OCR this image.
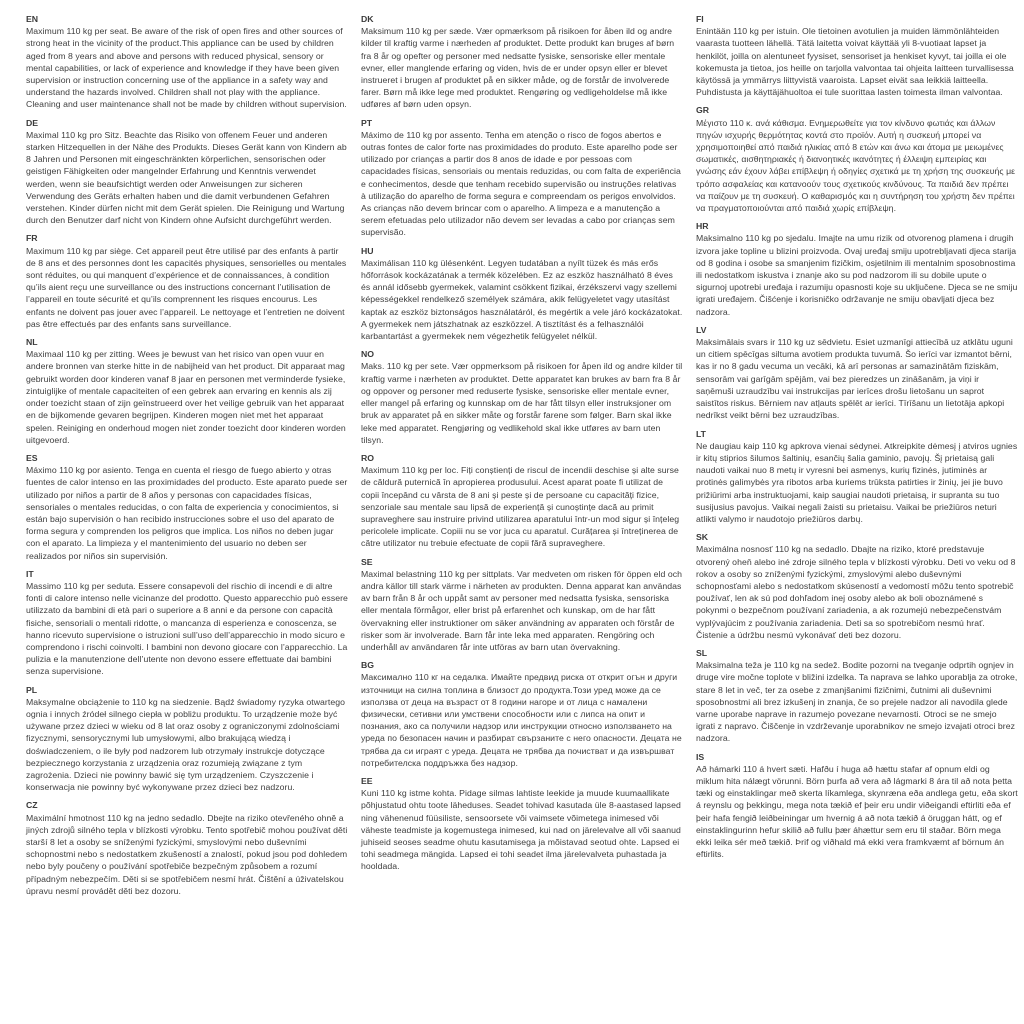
EN

Maximum 110 kg per seat. Be aware of the risk of open fires and other sources of strong heat in the vicinity of the product.This appliance can be used by children aged from 8 years and above and persons with reduced physical, sensory or mental capabilities, or lack of experience and knowledge if they have been given supervision or instruction concerning use of the appliance in a safety way and understand the hazards involved. Children shall not play with the appliance. Cleaning and user maintenance shall not be made by children without supervision.

DE

Maximal 110 kg pro Sitz. Beachte das Risiko von offenem Feuer und anderen starken Hitzequellen in der Nähe des Produkts. Dieses Gerät kann von Kindern ab 8 Jahren und Personen mit eingeschränkten körperlichen, sensorischen oder geistigen Fähigkeiten oder mangelnder Erfahrung und Kenntnis verwendet werden, wenn sie beaufsichtigt werden oder Anweisungen zur sicheren Verwendung des Geräts erhalten haben und die damit verbundenen Gefahren verstehen. Kinder dürfen nicht mit dem Gerät spielen. Die Reinigung und Wartung durch den Benutzer darf nicht von Kindern ohne Aufsicht durchgeführt werden.

FR

Maximum 110 kg par siège. Cet appareil peut être utilisé par des enfants à partir de 8 ans et des personnes dont les capacités physiques, sensorielles ou mentales sont réduites, ou qui manquent d’expérience et de connaissances, à condition qu’ils aient reçu une surveillance ou des instructions concernant l’utilisation de l’appareil en toute sécurité et qu’ils comprennent les risques encourus. Les enfants ne doivent pas jouer avec l’appareil. Le nettoyage et l’entretien ne doivent pas être effectués par des enfants sans surveillance.

NL

Maximaal 110 kg per zitting. Wees je bewust van het risico van open vuur en andere bronnen van sterke hitte in de nabijheid van het product. Dit apparaat mag gebruikt worden door kinderen vanaf 8 jaar en personen met verminderde fysieke, zintuiglijke of mentale capaciteiten of een gebrek aan ervaring en kennis als zij onder toezicht staan of zijn geïnstrueerd over het veilige gebruik van het apparaat en de bijkomende gevaren begrijpen. Kinderen mogen niet met het apparaat spelen. Reiniging en onderhoud mogen niet zonder toezicht door kinderen worden uitgevoerd.

ES

Máximo 110 kg por asiento. Tenga en cuenta el riesgo de fuego abierto y otras fuentes de calor intenso en las proximidades del producto. Este aparato puede ser utilizado por niños a partir de 8 años y personas con capacidades físicas, sensoriales o mentales reducidas, o con falta de experiencia y conocimientos, si están bajo supervisión o han recibido instrucciones sobre el uso del aparato de forma segura y comprenden los peligros que implica. Los niños no deben jugar con el aparato. La limpieza y el mantenimiento del usuario no deben ser realizados por niños sin supervisión.

IT

Massimo 110 kg per seduta. Essere consapevoli del rischio di incendi e di altre fonti di calore intenso nelle vicinanze del prodotto. Questo apparecchio può essere utilizzato da bambini di età pari o superiore a 8 anni e da persone con capacità fisiche, sensoriali o mentali ridotte, o mancanza di esperienza e conoscenza, se hanno ricevuto supervisione o istruzioni sull’uso dell’apparecchio in modo sicuro e comprendono i rischi coinvolti. I bambini non devono giocare con l’apparecchio. La pulizia e la manutenzione dell’utente non devono essere effettuate dai bambini senza supervisione.

PL

Maksymalne obciążenie to 110 kg na siedzenie. Bądź świadomy ryzyka otwartego ognia i innych źródeł silnego ciepła w pobliżu produktu. To urządzenie może być używane przez dzieci w wieku od 8 lat oraz osoby z ograniczonymi zdolnościami fizycznymi, sensorycznymi lub umysłowymi, albo brakującą wiedzą i doświadczeniem, o ile były pod nadzorem lub otrzymały instrukcje dotyczące bezpiecznego korzystania z urządzenia oraz rozumieją związane z tym zagrożenia. Dzieci nie powinny bawić się tym urządzeniem. Czyszczenie i konserwacja nie powinny być wykonywane przez dzieci bez nadzoru.

CZ

Maximální hmotnost 110 kg na jedno sedadlo. Dbejte na riziko otevřeného ohně a jiných zdrojů silného tepla v blízkosti výrobku. Tento spotřebič mohou používat děti starší 8 let a osoby se sníženými fyzickými, smyslovými nebo duševními schopnostmi nebo s nedostatkem zkušeností a znalostí, pokud jsou pod dohledem nebo byly poučeny o používání spotřebiče bezpečným způsobem a rozumí případným nebezpečím. Děti si se spotřebičem nesmí hrát. Čištění a úživatelskou úpravu nesmí provádět děti bez dozoru.

DK

Maksimum 110 kg per sæde. Vær opmærksom på risikoen for åben ild og andre kilder til kraftig varme i nærheden af produktet. Dette produkt kan bruges af børn fra 8 år og opefter og personer med nedsatte fysiske, sensoriske eller mentale evner, eller manglende erfaring og viden, hvis de er under opsyn eller er blevet instrueret i brugen af produktet på en sikker måde, og de forstår de involverede farer. Børn må ikke lege med produktet. Rengøring og vedligeholdelse må ikke udføres af børn uden opsyn.

PT

Máximo de 110 kg por assento. Tenha em atenção o risco de fogos abertos e outras fontes de calor forte nas proximidades do produto. Este aparelho pode ser utilizado por crianças a partir dos 8 anos de idade e por pessoas com capacidades físicas, sensoriais ou mentais reduzidas, ou com falta de experiência e conhecimentos, desde que tenham recebido supervisão ou instruções relativas à utilização do aparelho de forma segura e compreendam os perigos envolvidos. As crianças não devem brincar com o aparelho. A limpeza e a manutenção a serem efetuadas pelo utilizador não devem ser levadas a cabo por crianças sem supervisão.

HU

Maximálisan 110 kg ülésenként. Legyen tudatában a nyílt tüzek és más erős hőforrások kockázatának a termék közelében. Ez az eszköz használható 8 éves és annál idősebb gyermekek, valamint csökkent fizikai, érzékszervi vagy szellemi képességekkel rendelkező személyek számára, akik felügyeletet vagy utasítást kaptak az eszköz biztonságos használatáról, és megértik a vele járó kockázatokat. A gyermekek nem játszhatnak az eszközzel. A tisztítást és a felhasználói karbantartást a gyermekek nem végezhetik felügyelet nélkül.

NO

Maks. 110 kg per sete. Vær oppmerksom på risikoen for åpen ild og andre kilder til kraftig varme i nærheten av produktet. Dette apparatet kan brukes av barn fra 8 år og oppover og personer med reduserte fysiske, sensoriske eller mentale evner, eller mangel på erfaring og kunnskap om de har fått tilsyn eller instruksjoner om bruk av apparatet på en sikker måte og forstår farene som følger. Barn skal ikke leke med apparatet. Rengjøring og vedlikehold skal ikke utføres av barn uten tilsyn.

RO

Maximum 110 kg per loc. Fiți conștienți de riscul de incendii deschise și alte surse de căldură puternică în apropierea produsului. Acest aparat poate fi utilizat de copii începând cu vârsta de 8 ani și peste și de persoane cu capacități fizice, senzoriale sau mentale sau lipsă de experiență și cunoștințe dacă au primit supraveghere sau instruire privind utilizarea aparatului într-un mod sigur și înțeleg pericolele implicate. Copiii nu se vor juca cu aparatul. Curățarea și întreținerea de către utilizator nu trebuie efectuate de copii fără supraveghere.

SE

Maximal belastning 110 kg per sittplats. Var medveten om risken för öppen eld och andra källor till stark värme i närheten av produkten. Denna apparat kan användas av barn från 8 år och uppåt samt av personer med nedsatta fysiska, sensoriska eller mentala förmågor, eller brist på erfarenhet och kunskap, om de har fått övervakning eller instruktioner om säker användning av apparaten och förstår de risker som är involverade. Barn får inte leka med apparaten. Rengöring och underhåll av användaren får inte utföras av barn utan övervakning.

BG

Максимално 110 кг на седалка. Имайте предвид риска от открит огън и други източници на силна топлина в близост до продукта.Този уред може да се използва от деца на възраст от 8 години нагоре и от лица с намалени физически, сетивни или умствени способности или с липса на опит и познания, ако са получили надзор или инструкции относно използването на уреда по безопасен начин и разбират свързаните с него опасности. Децата не трябва да си играят с уреда. Децата не трябва да почистват и да извършват потребителска поддръжка без надзор.

EE

Kuni 110 kg istme kohta. Pidage silmas lahtiste leekide ja muude kuumaallikate põhjustatud ohtu toote läheduses. Seadet tohivad kasutada üle 8-aastased lapsed ning vähenenud füüsiliste, sensoorsete või vaimsete võimetega inimesed või väheste teadmiste ja kogemustega inimesed, kui nad on järelevalve all või saanud juhiseid seoses seadme ohutu kasutamisega ja mõistavad seotud ohte. Lapsed ei tohi seadmega mängida. Lapsed ei tohi seadet ilma järelevalveta puhastada ja hooldada.

FI

Enintään 110 kg per istuin. Ole tietoinen avotulien ja muiden lämmönlähteiden vaarasta tuotteen lähellä. Tätä laitetta voivat käyttää yli 8-vuotiaat lapset ja henkilöt, joilla on alentuneet fyysiset, sensoriset ja henkiset kyvyt, tai joilla ei ole kokemusta ja tietoa, jos heille on tarjolla valvontaa tai ohjeita laitteen turvallisessa käytössä ja ymmärrys liittyvistä vaaroista. Lapset eivät saa leikkiä laitteella. Puhdistusta ja käyttäjähuoltoa ei tule suorittaa lasten toimesta ilman valvontaa.

GR

Μέγιστο 110 κ. ανά κάθισμα. Ενημερωθείτε για τον κίνδυνο φωτιάς και άλλων πηγών ισχυρής θερμότητας κοντά στο προϊόν. Αυτή η συσκευή μπορεί να χρησιμοποιηθεί από παιδιά ηλικίας από 8 ετών και άνω και άτομα με μειωμένες σωματικές, αισθητηριακές ή διανοητικές ικανότητες ή έλλειψη εμπειρίας και γνώσης εάν έχουν λάβει επίβλεψη ή οδηγίες σχετικά με τη χρήση της συσκευής με τρόπο ασφαλείας και κατανοούν τους σχετικούς κινδύνους. Τα παιδιά δεν πρέπει να παίζουν με τη συσκευή. Ο καθαρισμός και η συντήρηση του χρήστη δεν πρέπει να πραγματοποιούνται από παιδιά χωρίς επίβλεψη.

HR

Maksimalno 110 kg po sjedalu. Imajte na umu rizik od otvorenog plamena i drugih izvora jake topline u blizini proizvoda. Ovaj uređaj smiju upotrebljavati djeca starija od 8 godina i osobe sa smanjenim fizičkim, osjetilnim ili mentalnim sposobnostima ili nedostatkom iskustva i znanje ako su pod nadzorom ili su dobile upute o sigurnoj upotrebi uređaja i razumiju opasnosti koje su uključene. Djeca se ne smiju igrati uređajem. Čišćenje i korisničko održavanje ne smiju obavljati djeca bez nadzora.

LV

Maksimālais svars ir 110 kg uz sēdvietu. Esiet uzmanīgi attiecībā uz atklātu uguni un citiem spēcīgas siltuma avotiem produkta tuvumā. Šo ierīci var izmantot bērni, kas ir no 8 gadu vecuma un vecāki, kā arī personas ar samazinātām fiziskām, sensorām vai garīgām spējām, vai bez pieredzes un zināšanām, ja viņi ir saņēmuši uzraudzību vai instrukcijas par ierīces drošu lietošanu un saprot saistītos riskus. Bērniem nav atļauts spēlēt ar ierīci. Tīrīšanu un lietotāja apkopi nedrīkst veikt bērni bez uzraudzības.

LT

Ne daugiau kaip 110 kg apkrova vienai sėdynei. Atkreipkite dėmesį į atviros ugnies ir kitų stiprios šilumos šaltinių, esančių šalia gaminio, pavojų. Šį prietaisą gali naudoti vaikai nuo 8 metų ir vyresni bei asmenys, kurių fizinės, jutiminės ar protinės galimybės yra ribotos arba kuriems trūksta patirties ir žinių, jei jie buvo prižiūrimi arba instruktuojami, kaip saugiai naudoti prietaisą, ir supranta su tuo susijusius pavojus. Vaikai negali žaisti su prietaisu. Vaikai be priežiūros neturi atlikti valymo ir naudotojo priežiūros darbų.

SK

Maximálna nosnosť 110 kg na sedadlo. Dbajte na riziko, ktoré predstavuje otvorený oheň alebo iné zdroje silného tepla v blízkosti výrobku. Deti vo veku od 8 rokov a osoby so zníženými fyzickými, zmyslovými alebo duševnými schopnosťami alebo s nedostatkom skúseností a vedomostí môžu tento spotrebič používať, len ak sú pod dohľadom inej osoby alebo ak boli oboznámené s pokynmi o bezpečnom používaní zariadenia, a ak rozumejú nebezpečenstvám vyplývajúcim z používania zariadenia. Deti sa so spotrebičom nesmú hrať. Čistenie a údržbu nesmú vykonávať deti bez dozoru.

SL

Maksimalna teža je 110 kg na sedež. Bodite pozorni na tveganje odprtih ognjev in druge vire močne toplote v bližini izdelka. Ta naprava se lahko uporablja za otroke, stare 8 let in več, ter za osebe z zmanjšanimi fizičnimi, čutnimi ali duševnimi sposobnostmi ali brez izkušenj in znanja, če so prejele nadzor ali navodila glede varne uporabe naprave in razumejo povezane nevarnosti. Otroci se ne smejo igrati z napravo. Čiščenje in vzdrževanje uporabnikov ne smejo izvajati otroci brez nadzora.

IS

Að hámarki 110 á hvert sæti. Hafðu í huga að hættu stafar af opnum eldi og miklum hita nálægt vörunni. Börn þurfa að vera að lágmarki 8 ára til að nota þetta tæki og einstaklingar með skerta líkamlega, skynræna eða andlega getu, eða skort á reynslu og þekkingu, mega nota tækið ef þeir eru undir viðeigandi eftirliti eða ef þeir hafa fengið leiðbeiningar um hvernig á að nota tækið á öruggan hátt, og ef einstaklingurinn hefur skilið að fullu þær áhættur sem eru til staðar. Börn mega ekki leika sér með tækið. Þrif og viðhald má ekki vera framkvæmt af börnum án eftirlits.
